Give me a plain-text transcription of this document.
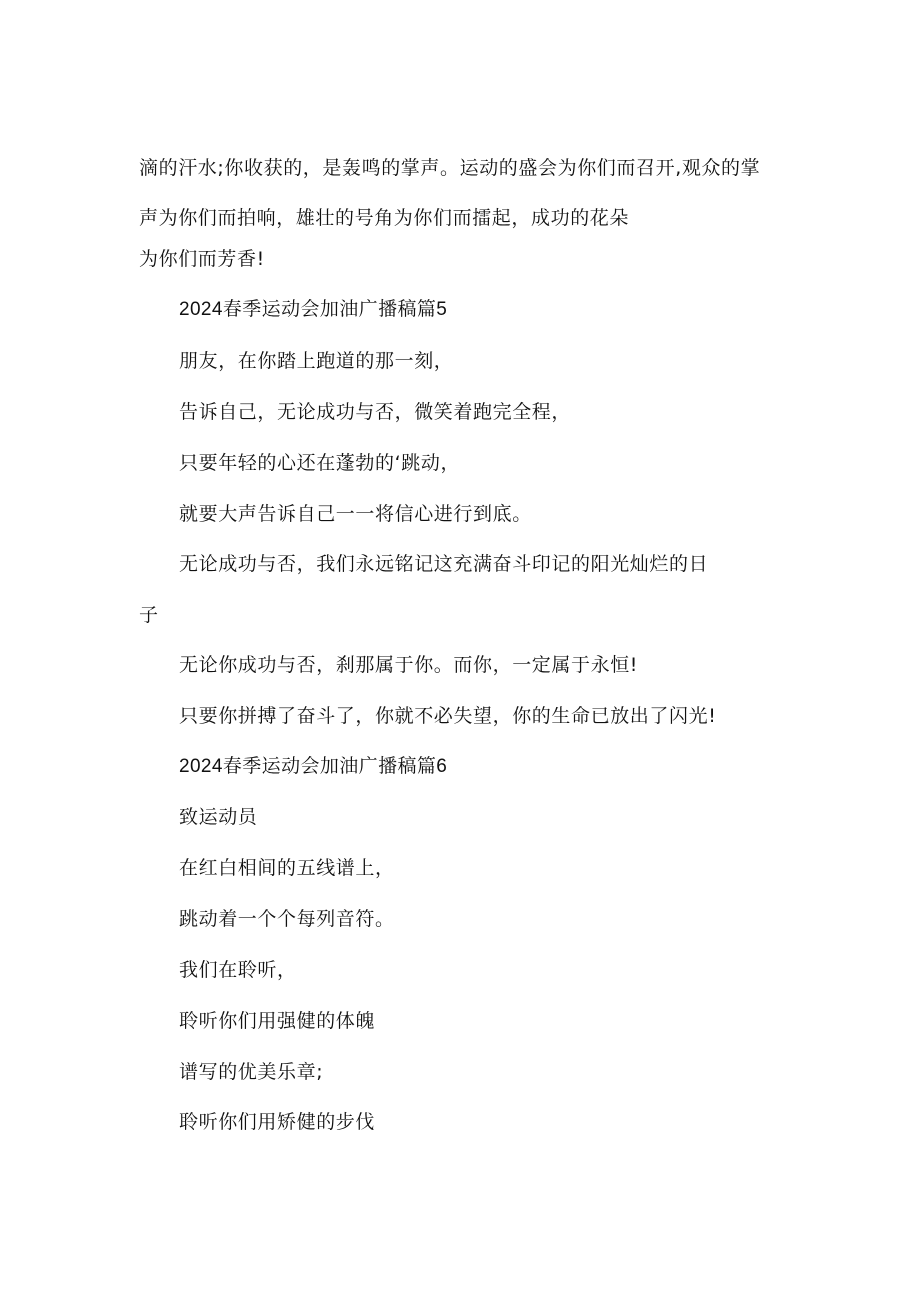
滴的汗水;你收获的，是轰鸣的掌声。运动的盛会为你们而召开,观众的掌
声为你们而拍响，雄壮的号角为你们而擂起，成功的花朵
为你们而芳香!
2024春季运动会加油广播稿篇5
朋友，在你踏上跑道的那一刻，
告诉自己，无论成功与否，微笑着跑完全程，
只要年轻的心还在蓬勃的‘跳动，
就要大声告诉自己一一将信心进行到底。
无论成功与否，我们永远铭记这充满奋斗印记的阳光灿烂的日
子
无论你成功与否，刹那属于你。而你，一定属于永恒!
只要你拼搏了奋斗了，你就不必失望，你的生命已放出了闪光!
2024春季运动会加油广播稿篇6
致运动员
在红白相间的五线谱上，
跳动着一个个每列音符。
我们在聆听，
聆听你们用强健的体魄
谱写的优美乐章;
聆听你们用矫健的步伐
